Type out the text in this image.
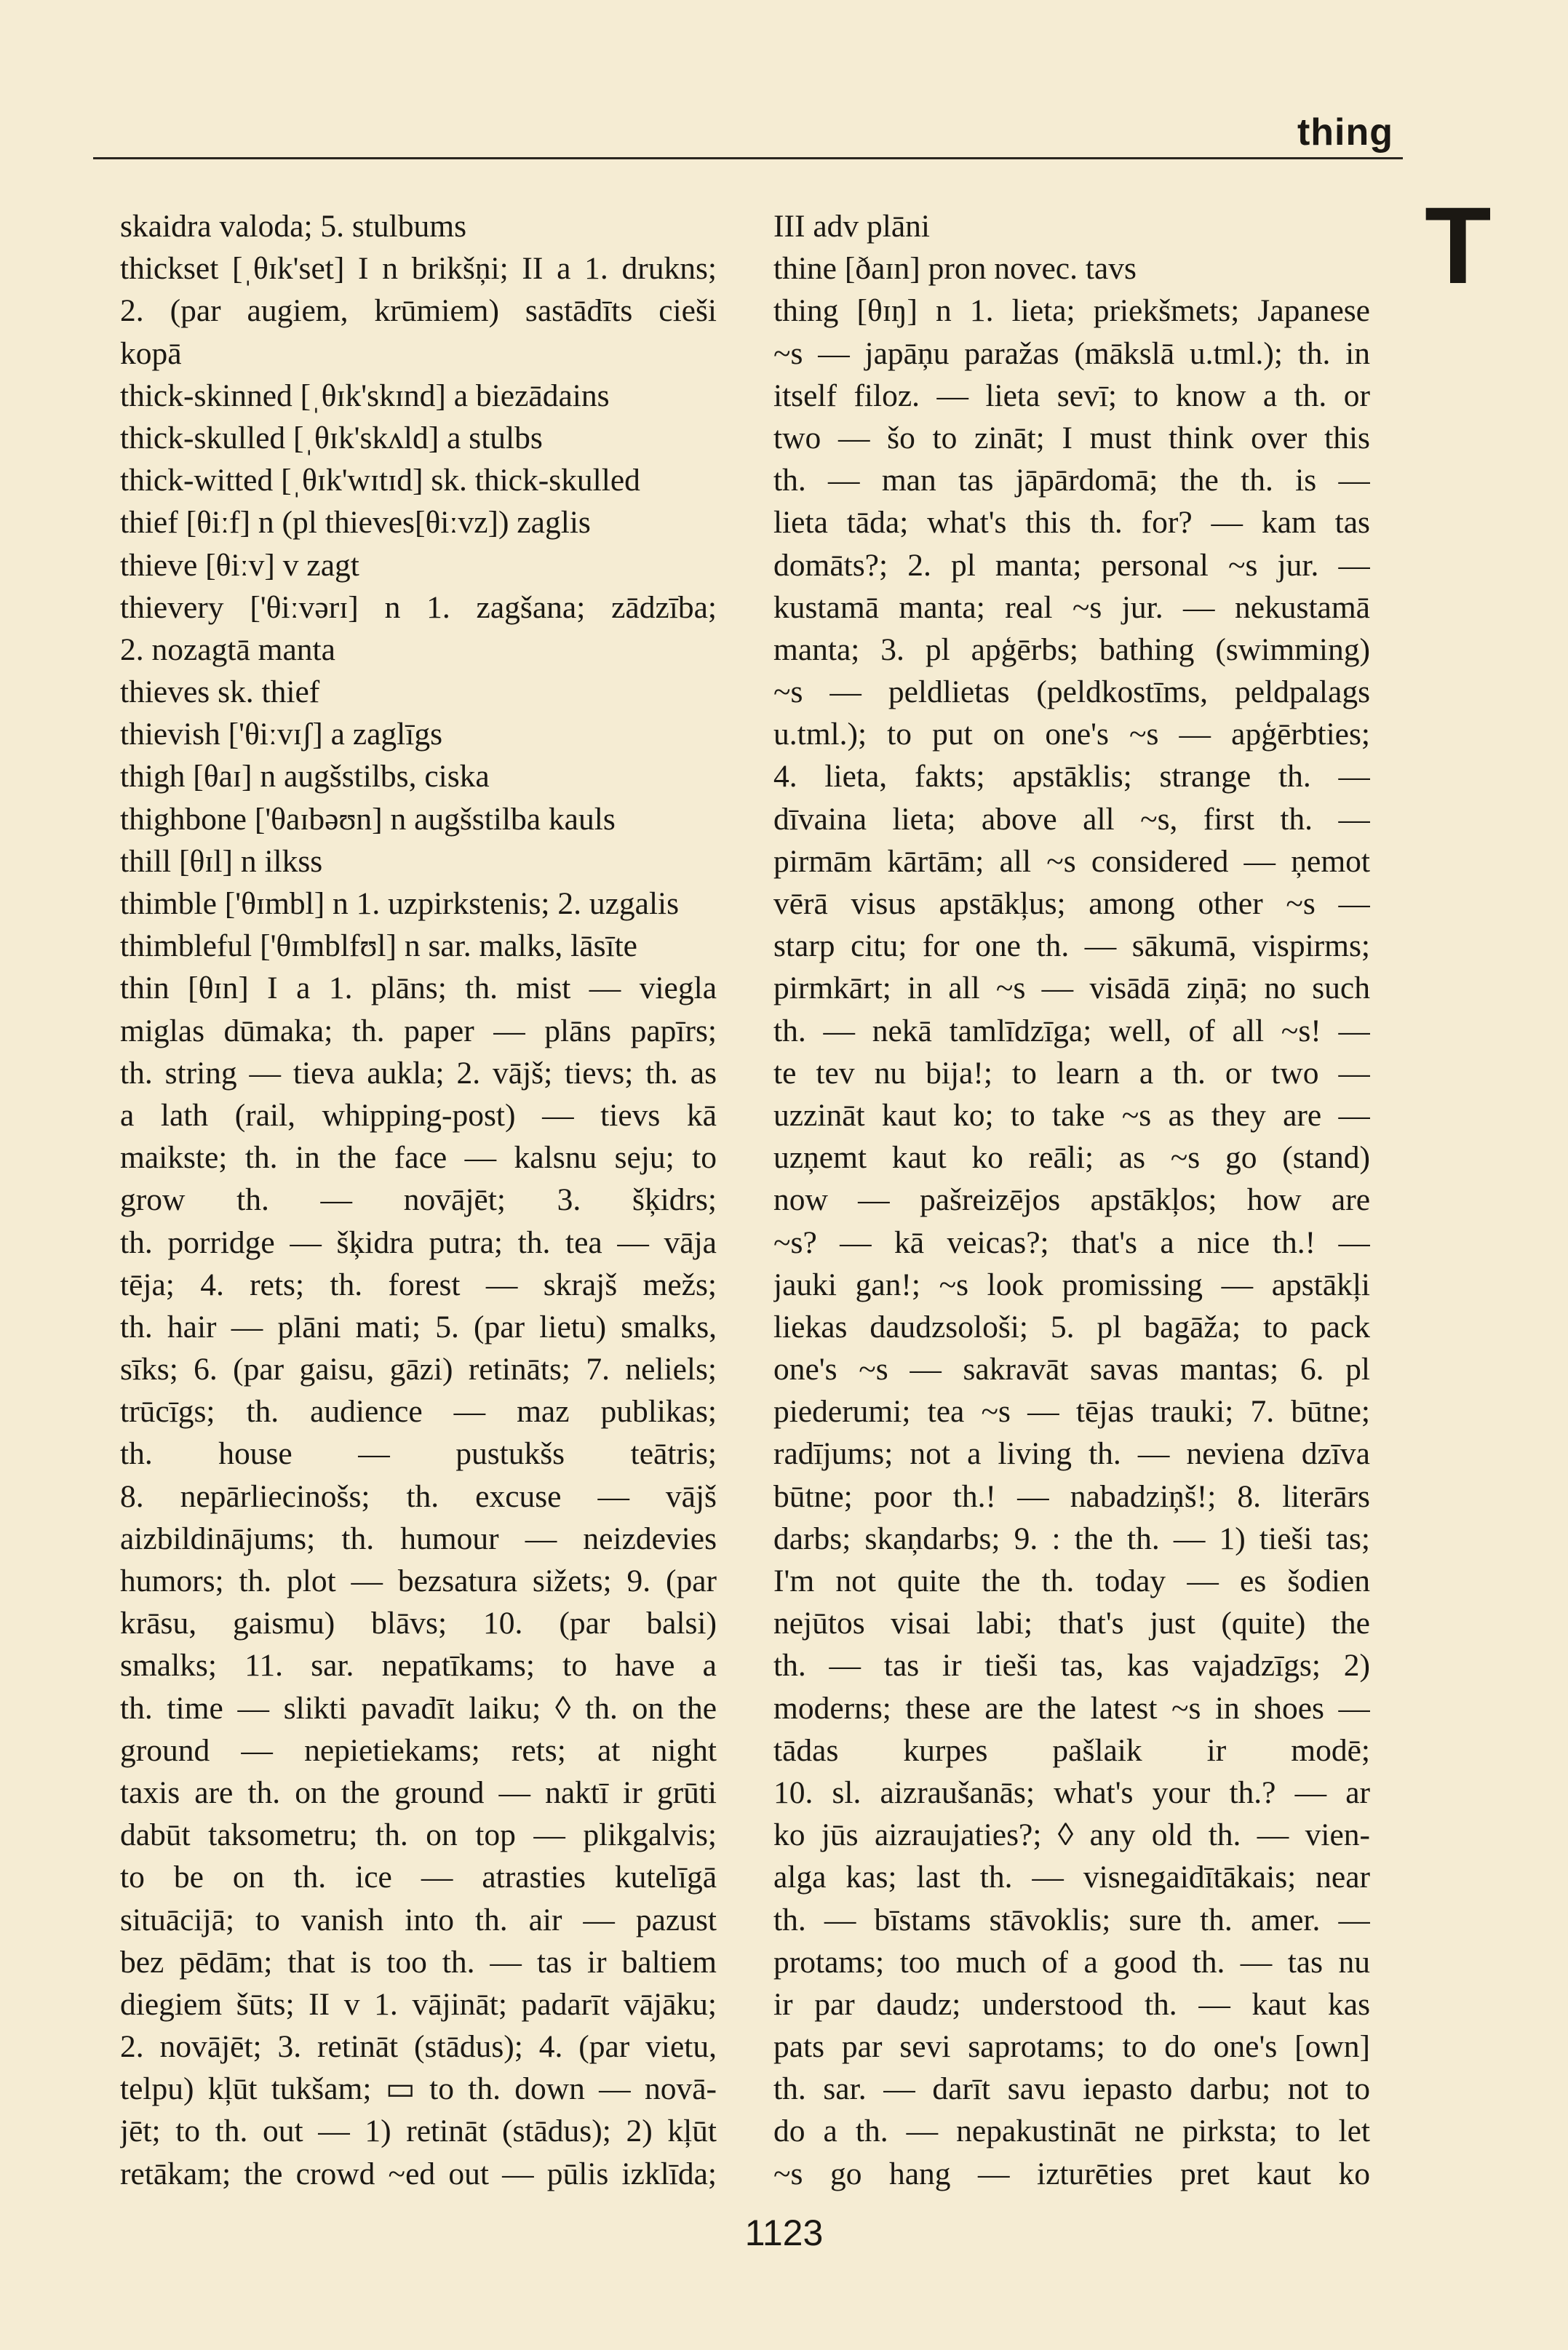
thing
T
skaidra valoda; 5. stulbums
thickset [ˌθɪk'set] I n brikšņi; II a 1. drukns;
2. (par augiem, krūmiem) sastādīts cieši
kopā
thick-skinned [ˌθɪk'skɪnd] a biezādains
thick-skulled [ˌθɪk'skʌld] a stulbs
thick-witted [ˌθɪk'wɪtɪd] sk. thick-skulled
thief [θiːf] n (pl thieves[θiːvz]) zaglis
thieve [θiːv] v zagt
thievery ['θiːvərɪ] n 1. zagšana; zādzība;
2. nozagtā manta
thieves sk. thief
thievish ['θiːvɪʃ] a zaglīgs
thigh [θaɪ] n augšstilbs, ciska
thighbone ['θaɪbəʊn] n augšstilba kauls
thill [θɪl] n ilkss
thimble ['θɪmbl] n 1. uzpirkstenis; 2. uzgalis
thimbleful ['θɪmblfʊl] n sar. malks, lāsīte
thin [θɪn] I a 1. plāns; th. mist — viegla
miglas dūmaka; th. paper — plāns papīrs;
th. string — tieva aukla; 2. vājš; tievs; th. as
a lath (rail, whipping-post) — tievs kā
maikste; th. in the face — kalsnu seju; to
grow th. — novājēt; 3. šķidrs;
th. porridge — šķidra putra; th. tea — vāja
tēja; 4. rets; th. forest — skrajš mežs;
th. hair — plāni mati; 5. (par lietu) smalks,
sīks; 6. (par gaisu, gāzi) retināts; 7. neliels;
trūcīgs; th. audience — maz publikas;
th. house — pustukšs teātris;
8. nepārliecinošs; th. excuse — vājš
aizbildinājums; th. humour — neizdevies
humors; th. plot — bezsatura sižets; 9. (par
krāsu, gaismu) blāvs; 10. (par balsi)
smalks; 11. sar. nepatīkams; to have a
th. time — slikti pavadīt laiku; ◊ th. on the
ground — nepietiekams; rets; at night
taxis are th. on the ground — naktī ir grūti
dabūt taksometru; th. on top — plikgalvis;
to be on th. ice — atrasties kutelīgā
situācijā; to vanish into th. air — pazust
bez pēdām; that is too th. — tas ir baltiem
diegiem šūts; II v 1. vājināt; padarīt vājāku;
2. novājēt; 3. retināt (stādus); 4. (par vietu,
telpu) kļūt tukšam; ▭ to th. down — novā-
jēt; to th. out — 1) retināt (stādus); 2) kļūt
retākam; the crowd ~ed out — pūlis izklīda;
III adv plāni
thine [ðaɪn] pron novec. tavs
thing [θɪŋ] n 1. lieta; priekšmets; Japanese
~s — japāņu paražas (mākslā u.tml.); th. in
itself filoz. — lieta sevī; to know a th. or
two — šo to zināt; I must think over this
th. — man tas jāpārdomā; the th. is —
lieta tāda; what's this th. for? — kam tas
domāts?; 2. pl manta; personal ~s jur. —
kustamā manta; real ~s jur. — nekustamā
manta; 3. pl apģērbs; bathing (swimming)
~s — peldlietas (peldkostīms, peldpalags
u.tml.); to put on one's ~s — apģērbties;
4. lieta, fakts; apstāklis; strange th. —
dīvaina lieta; above all ~s, first th. —
pirmām kārtām; all ~s considered — ņemot
vērā visus apstākļus; among other ~s —
starp citu; for one th. — sākumā, vispirms;
pirmkārt; in all ~s — visādā ziņā; no such
th. — nekā tamlīdzīga; well, of all ~s! —
te tev nu bija!; to learn a th. or two —
uzzināt kaut ko; to take ~s as they are —
uzņemt kaut ko reāli; as ~s go (stand)
now — pašreizējos apstākļos; how are
~s? — kā veicas?; that's a nice th.! —
jauki gan!; ~s look promissing — apstākļi
liekas daudzsološi; 5. pl bagāža; to pack
one's ~s — sakravāt savas mantas; 6. pl
piederumi; tea ~s — tējas trauki; 7. būtne;
radījums; not a living th. — neviena dzīva
būtne; poor th.! — nabadziņš!; 8. literārs
darbs; skaņdarbs; 9. : the th. — 1) tieši tas;
I'm not quite the th. today — es šodien
nejūtos visai labi; that's just (quite) the
th. — tas ir tieši tas, kas vajadzīgs; 2)
moderns; these are the latest ~s in shoes —
tādas kurpes pašlaik ir modē;
10. sl. aizraušanās; what's your th.? — ar
ko jūs aizraujaties?; ◊ any old th. — vien-
alga kas; last th. — visnegaidītākais; near
th. — bīstams stāvoklis; sure th. amer. —
protams; too much of a good th. — tas nu
ir par daudz; understood th. — kaut kas
pats par sevi saprotams; to do one's [own]
th. sar. — darīt savu iерasto darbu; not to
do a th. — nepakustināt ne pirksta; to let
~s go hang — izturēties pret kaut ko
1123
